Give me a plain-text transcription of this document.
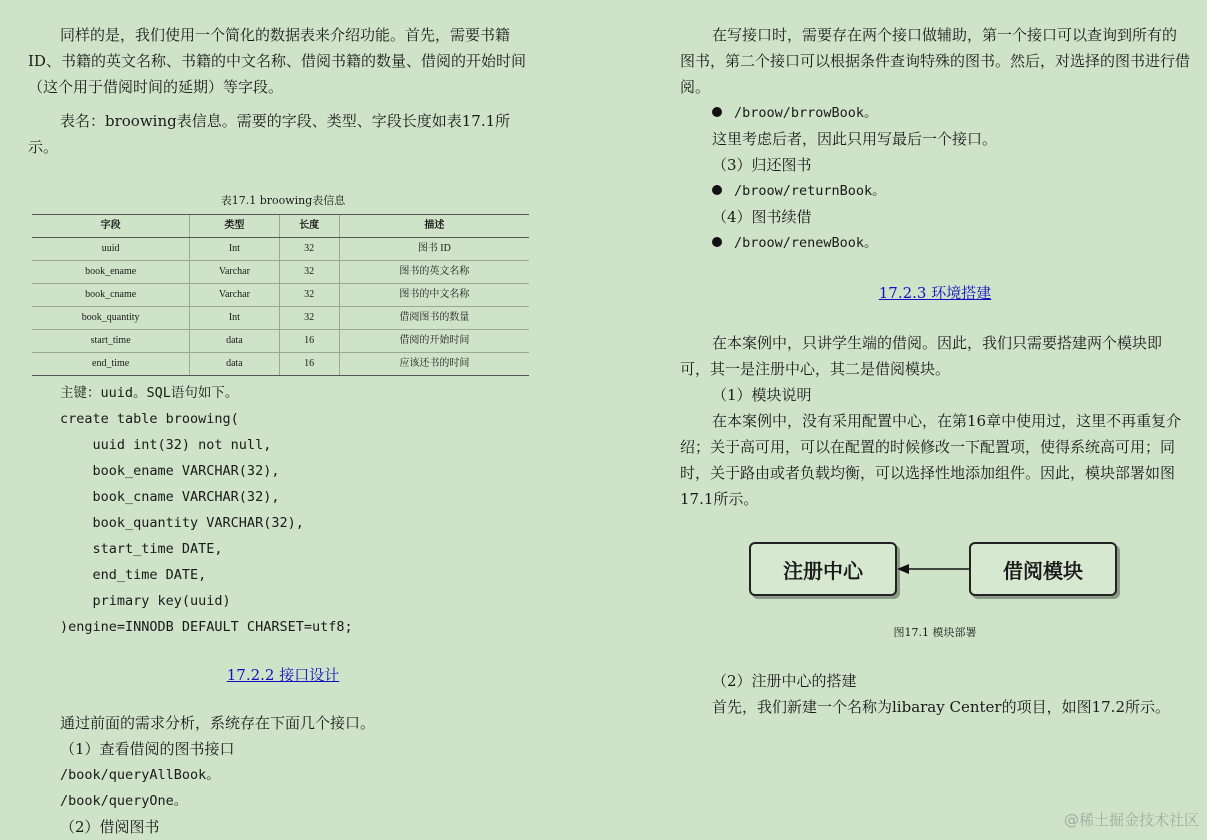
同样的是，我们使用一个简化的数据表来介绍功能。首先，需要书籍ID、书籍的英文名称、书籍的中文名称、借阅书籍的数量、借阅的开始时间（这个用于借阅时间的延期）等字段。

表名：broowing表信息。需要的字段、类型、字段长度如表17.1所示。

表17.1 broowing表信息
字段	类型	长度	描述
uuid	Int	32	图书 ID
book_ename	Varchar	32	图书的英文名称
book_cname	Varchar	32	图书的中文名称
book_quantity	Int	32	借阅图书的数量
start_time	data	16	借阅的开始时间
end_time	data	16	应该还书的时间

主键：uuid。SQL语句如下。

create table broowing(
uuid int(32) not null,
book_ename VARCHAR(32),
book_cname VARCHAR(32),
book_quantity VARCHAR(32),
start_time DATE,
end_time DATE,
primary key(uuid)
)engine=INNODB DEFAULT CHARSET=utf8;

17.2.2 接口设计

通过前面的需求分析，系统存在下面几个接口。

（1）查看借阅的图书接口

/book/queryAllBook。

/book/queryOne。

（2）借阅图书

在写接口时，需要存在两个接口做辅助，第一个接口可以查询到所有的图书，第二个接口可以根据条件查询特殊的图书。然后，对选择的图书进行借阅。

/broow/brrowBook。

这里考虑后者，因此只用写最后一个接口。

（3）归还图书

/broow/returnBook。

（4）图书续借

/broow/renewBook。

17.2.3 环境搭建

在本案例中，只讲学生端的借阅。因此，我们只需要搭建两个模块即可，其一是注册中心，其二是借阅模块。

（1）模块说明

在本案例中，没有采用配置中心，在第16章中使用过，这里不再重复介绍；关于高可用，可以在配置的时候修改一下配置项，使得系统高可用；同时，关于路由或者负载均衡，可以选择性地添加组件。因此，模块部署如图17.1所示。

（2）注册中心的搭建

首先，我们新建一个名称为libaray Center的项目，如图17.2所示。

注册中心	借阅模块
图17.1 模块部署
@稀土掘金技术社区
